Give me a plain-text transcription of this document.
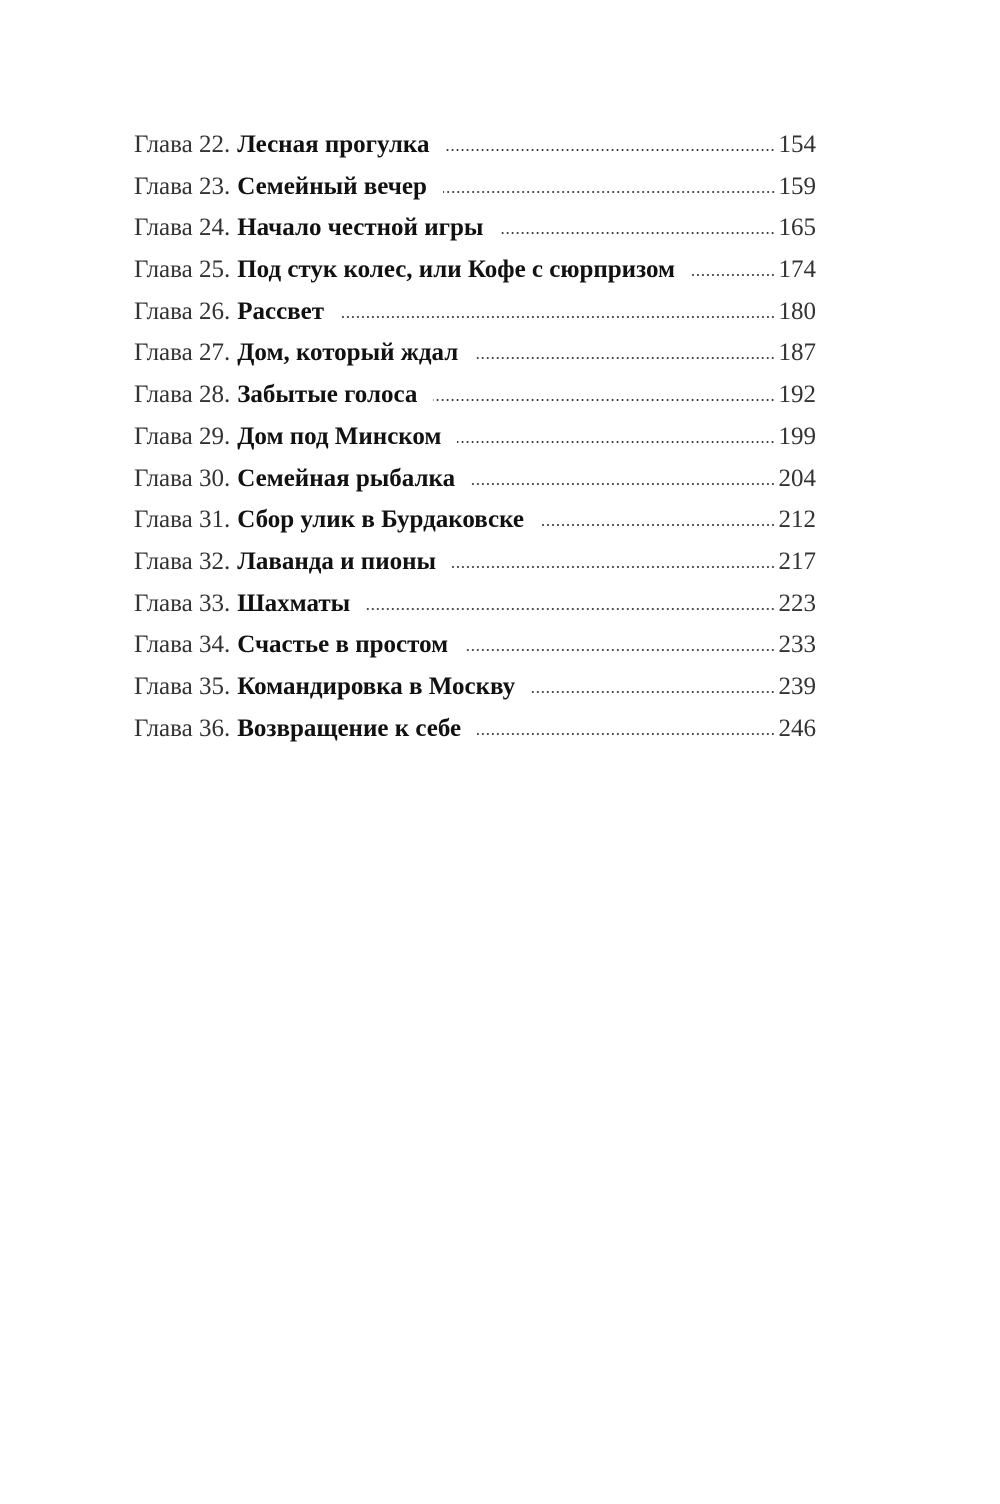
Глава 22. Лесная прогулка	154
Глава 23. Семейный вечер	159
Глава 24. Начало честной игры	165
Глава 25. Под стук колес, или Кофе с сюрпризом	174
Глава 26. Рассвет	180
Глава 27. Дом, который ждал	187
Глава 28. Забытые голоса	192
Глава 29. Дом под Минском	199
Глава 30. Семейная рыбалка	204
Глава 31. Сбор улик в Бурдаковске	212
Глава 32. Лаванда и пионы	217
Глава 33. Шахматы	223
Глава 34. Счастье в простом	233
Глава 35. Командировка в Москву	239
Глава 36. Возвращение к себе	246
